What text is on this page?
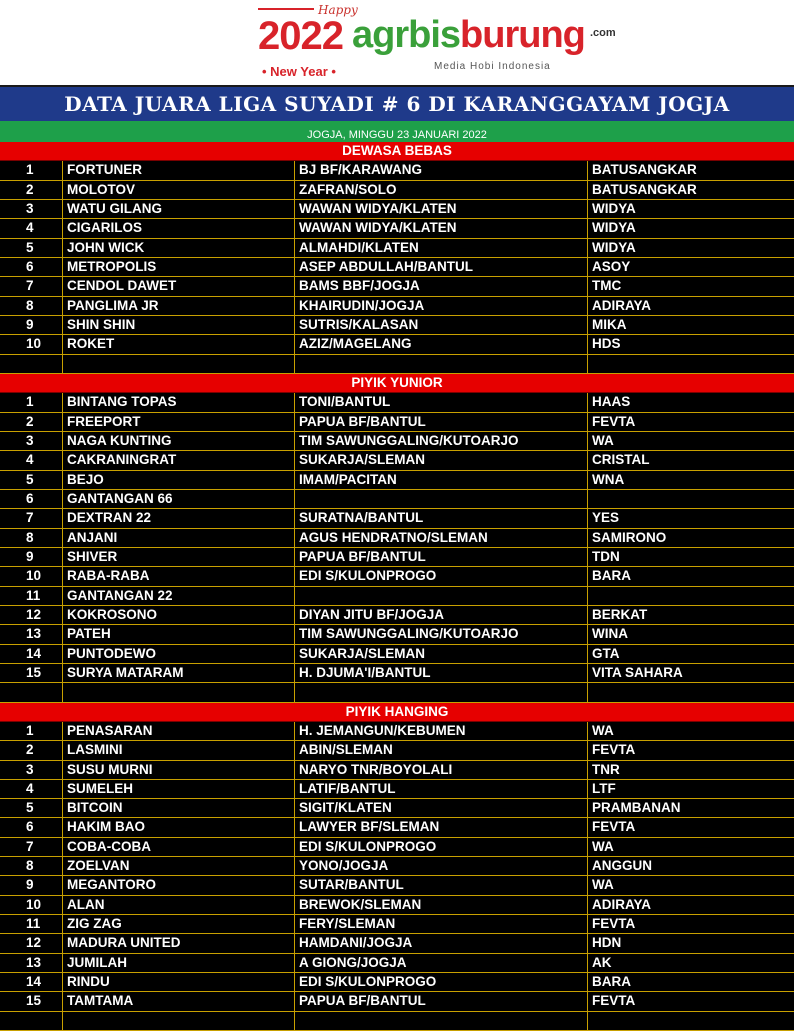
Happy
2022
• New Year •
agrbisburung .com
Media Hobi Indonesia
DATA JUARA LIGA SUYADI # 6 DI KARANGGAYAM JOGJA
JOGJA, MINGGU 23 JANUARI 2022
DEWASA BEBAS
1	FORTUNER	BJ BF/KARAWANG	BATUSANGKAR
2	MOLOTOV	ZAFRAN/SOLO	BATUSANGKAR
3	WATU GILANG	WAWAN WIDYA/KLATEN	WIDYA
4	CIGARILOS	WAWAN WIDYA/KLATEN	WIDYA
5	JOHN WICK	ALMAHDI/KLATEN	WIDYA
6	METROPOLIS	ASEP ABDULLAH/BANTUL	ASOY
7	CENDOL DAWET	BAMS BBF/JOGJA	TMC
8	PANGLIMA JR	KHAIRUDIN/JOGJA	ADIRAYA
9	SHIN SHIN	SUTRIS/KALASAN	MIKA
10	ROKET	AZIZ/MAGELANG	HDS
PIYIK YUNIOR
1	BINTANG TOPAS	TONI/BANTUL	HAAS
2	FREEPORT	PAPUA BF/BANTUL	FEVTA
3	NAGA KUNTING	TIM SAWUNGGALING/KUTOARJO	WA
4	CAKRANINGRAT	SUKARJA/SLEMAN	CRISTAL
5	BEJO	IMAM/PACITAN	WNA
6	GANTANGAN 66
7	DEXTRAN 22	SURATNA/BANTUL	YES
8	ANJANI	AGUS HENDRATNO/SLEMAN	SAMIRONO
9	SHIVER	PAPUA BF/BANTUL	TDN
10	RABA-RABA	EDI S/KULONPROGO	BARA
11	GANTANGAN 22
12	KOKROSONO	DIYAN JITU BF/JOGJA	BERKAT
13	PATEH	TIM SAWUNGGALING/KUTOARJO	WINA
14	PUNTODEWO	SUKARJA/SLEMAN	GTA
15	SURYA MATARAM	H. DJUMA'I/BANTUL	VITA SAHARA
PIYIK HANGING
1	PENASARAN	H. JEMANGUN/KEBUMEN	WA
2	LASMINI	ABIN/SLEMAN	FEVTA
3	SUSU MURNI	NARYO TNR/BOYOLALI	TNR
4	SUMELEH	LATIF/BANTUL	LTF
5	BITCOIN	SIGIT/KLATEN	PRAMBANAN
6	HAKIM BAO	LAWYER BF/SLEMAN	FEVTA
7	COBA-COBA	EDI S/KULONPROGO	WA
8	ZOELVAN	YONO/JOGJA	ANGGUN
9	MEGANTORO	SUTAR/BANTUL	WA
10	ALAN	BREWOK/SLEMAN	ADIRAYA
11	ZIG ZAG	FERY/SLEMAN	FEVTA
12	MADURA UNITED	HAMDANI/JOGJA	HDN
13	JUMILAH	A GIONG/JOGJA	AK
14	RINDU	EDI S/KULONPROGO	BARA
15	TAMTAMA	PAPUA BF/BANTUL	FEVTA
